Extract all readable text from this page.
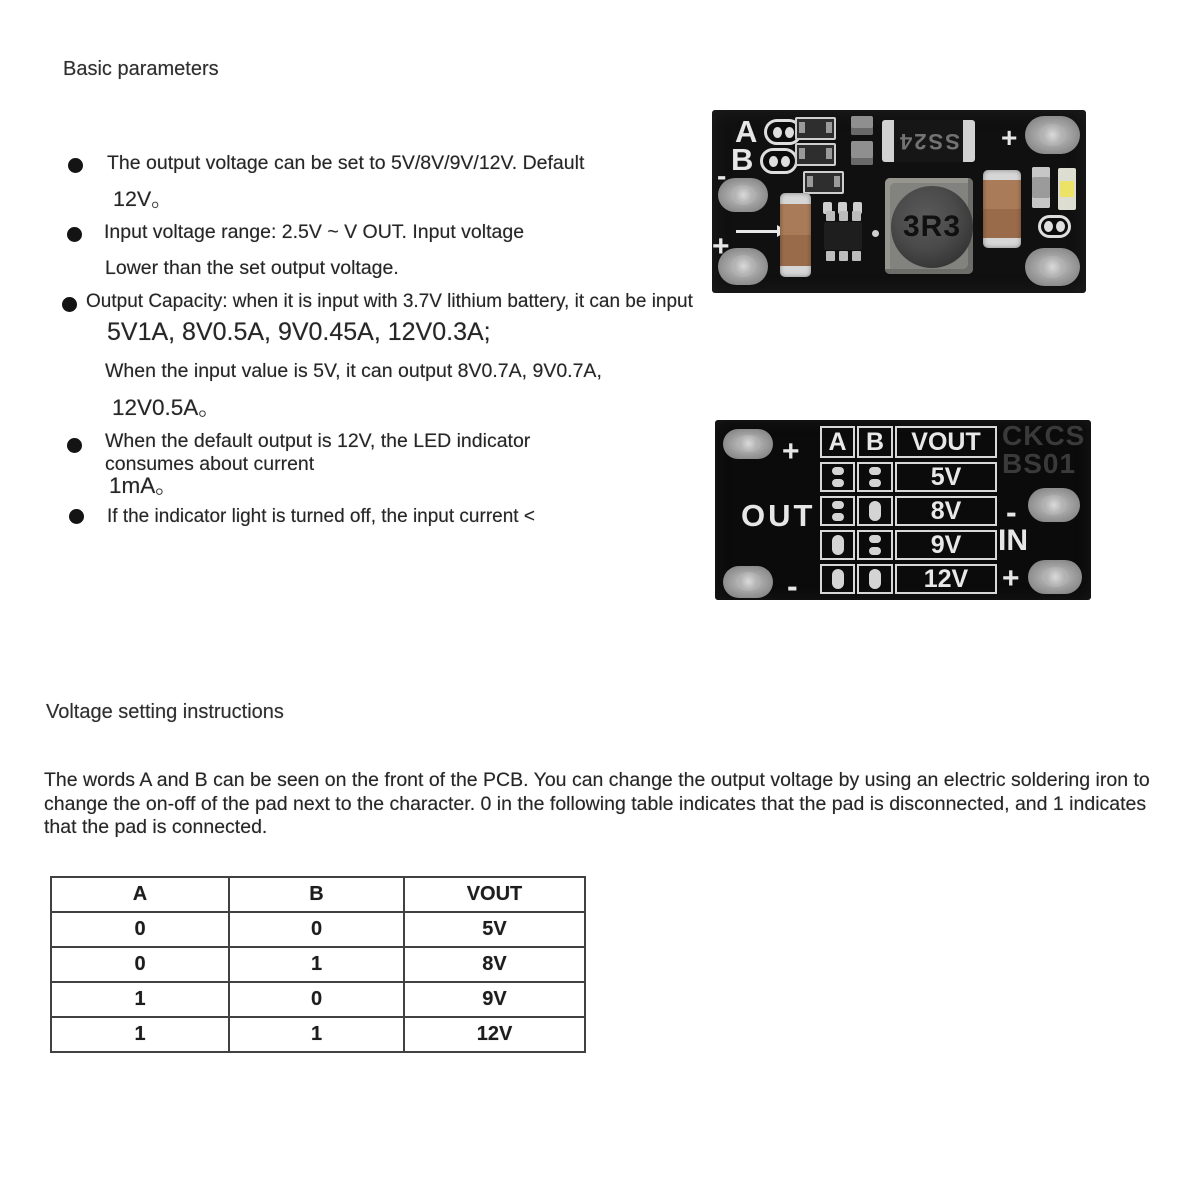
Basic parameters
The output voltage can be set to 5V/8V/9V/12V. Default
12V。
Input voltage range: 2.5V ~ V OUT. Input voltage
Lower than the set output voltage.
Output Capacity: when it is input with 3.7V lithium battery, it can be input
5V1A, 8V0.5A, 9V0.45A, 12V0.3A;
When the input value is 5V, it can output 8V0.7A, 9V0.7A,
12V0.5A。
When the default output is 12V, the LED indicator
consumes about current
1mA。
If the indicator light is turned off, the input current <
A
B
-
SS24 +
+
3R3
+
OUT
-
A B	VOUT
5V
8V
9V
12V
CKCS
BS01
-
IN
+
Voltage setting instructions
The words A and B can be seen on the front of the PCB. You can change the output voltage by using an electric soldering iron to change the on-off of the pad next to the character. 0 in the following table indicates that the pad is disconnected, and 1 indicates that the pad is connected.
A	B	VOUT
0	0	5V
0	1	8V
1	0	9V
1	1	12V
